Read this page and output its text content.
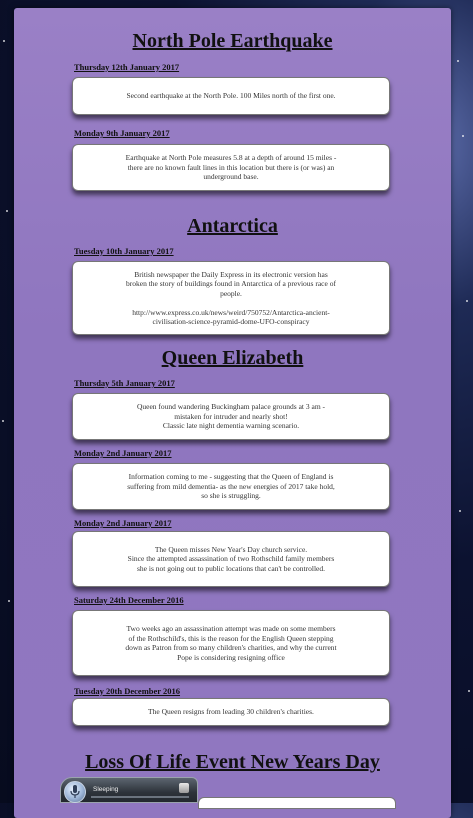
North Pole Earthquake

Thursday 12th January 2017

Second earthquake at the North Pole. 100 Miles north of the first one.

Monday 9th January 2017

Earthquake at North Pole measures 5.8 at a depth of around 15 miles - there are no known fault lines in this location but there is (or was) an underground base.

Antarctica

Tuesday 10th January 2017

British newspaper the Daily Express in its electronic version has broken the story of buildings found in Antarctica of a previous race of people.

http://www.express.co.uk/news/weird/750752/Antarctica-ancient-civilisation-science-pyramid-dome-UFO-conspiracy

Queen Elizabeth

Thursday 5th January 2017

Queen found wandering Buckingham palace grounds at 3 am - mistaken for intruder and nearly shot!
Classic late night dementia warning scenario.

Monday 2nd January 2017

Information coming to me - suggesting that the Queen of England is suffering from mild dementia- as the new energies of 2017 take hold, so she is struggling.

Monday 2nd January 2017

The Queen misses New Year's Day church service.
Since the attempted assassination of two Rothschild family members she is not going out to public locations that can't be controlled.

Saturday 24th December 2016

Two weeks ago an assassination attempt was made on some members of the Rothschild's, this is the reason for the English Queen stepping down as Patron from so many children's charities, and why the current Pope is considering resigning office

Tuesday 20th December 2016

The Queen resigns from leading 30 children's charities.

Loss Of Life Event New Years Day
Sleeping
